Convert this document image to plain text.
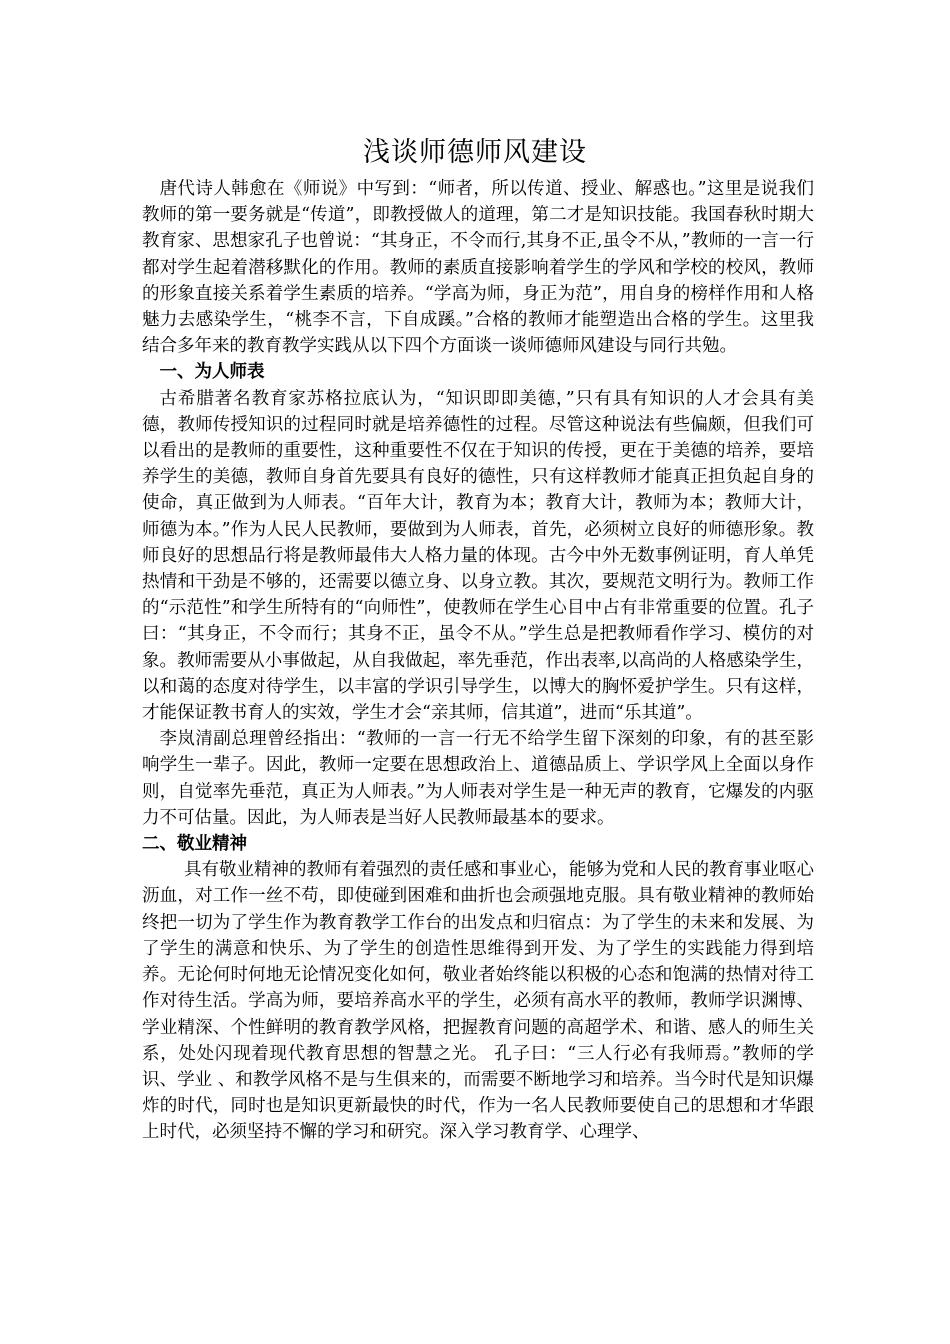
浅谈师德师风建设

唐代诗人韩愈在《师说》中写到：“师者，所以传道、授业、解惑也。”这里是说我们教师的第一要务就是“传道”，即教授做人的道理，第二才是知识技能。我国春秋时期大教育家、思想家孔子也曾说：“其身正，不令而行,其身不正,虽令不从，”教师的一言一行都对学生起着潜移默化的作用。教师的素质直接影响着学生的学风和学校的校风，教师的形象直接关系着学生素质的培养。“学高为师，身正为范”，用自身的榜样作用和人格魅力去感染学生，“桃李不言，下自成蹊。”合格的教师才能塑造出合格的学生。这里我结合多年来的教育教学实践从以下四个方面谈一谈师德师风建设与同行共勉。

一、为人师表

古希腊著名教育家苏格拉底认为，“知识即即美德，”只有具有知识的人才会具有美德，教师传授知识的过程同时就是培养德性的过程。尽管这种说法有些偏颇，但我们可以看出的是教师的重要性，这种重要性不仅在于知识的传授，更在于美德的培养，要培养学生的美德，教师自身首先要具有良好的德性，只有这样教师才能真正担负起自身的使命，真正做到为人师表。“百年大计，教育为本；教育大计，教师为本；教师大计，师德为本。”作为人民人民教师，要做到为人师表，首先，必须树立良好的师德形象。教师良好的思想品行将是教师最伟大人格力量的体现。古今中外无数事例证明，育人单凭热情和干劲是不够的，还需要以德立身、以身立教。其次，要规范文明行为。教师工作的“示范性”和学生所特有的“向师性”，使教师在学生心目中占有非常重要的位置。孔子曰：“其身正，不令而行；其身不正，虽令不从。”学生总是把教师看作学习、模仿的对象。教师需要从小事做起，从自我做起，率先垂范，作出表率,以高尚的人格感染学生，以和蔼的态度对待学生，以丰富的学识引导学生，以博大的胸怀爱护学生。只有这样，才能保证教书育人的实效，学生才会“亲其师，信其道”，进而“乐其道”。

李岚清副总理曾经指出：“教师的一言一行无不给学生留下深刻的印象，有的甚至影响学生一辈子。因此，教师一定要在思想政治上、道德品质上、学识学风上全面以身作则，自觉率先垂范，真正为人师表。”为人师表对学生是一种无声的教育，它爆发的内驱力不可估量。因此，为人师表是当好人民教师最基本的要求。

二、敬业精神

具有敬业精神的教师有着强烈的责任感和事业心，能够为党和人民的教育事业呕心沥血，对工作一丝不苟，即使碰到困难和曲折也会顽强地克服。具有敬业精神的教师始终把一切为了学生作为教育教学工作台的出发点和归宿点：为了学生的未来和发展、为了学生的满意和快乐、为了学生的创造性思维得到开发、为了学生的实践能力得到培养。无论何时何地无论情况变化如何，敬业者始终能以积极的心态和饱满的热情对待工作对待生活。学高为师，要培养高水平的学生，必须有高水平的教师，教师学识渊博、学业精深、个性鲜明的教育教学风格，把握教育问题的高超学术、和谐、感人的师生关系，处处闪现着现代教育思想的智慧之光。 孔子曰：“三人行必有我师焉。”教师的学识、学业 、和教学风格不是与生俱来的，而需要不断地学习和培养。当今时代是知识爆炸的时代，同时也是知识更新最快的时代，作为一名人民教师要使自己的思想和才华跟上时代，必须坚持不懈的学习和研究。深入学习教育学、心理学、
